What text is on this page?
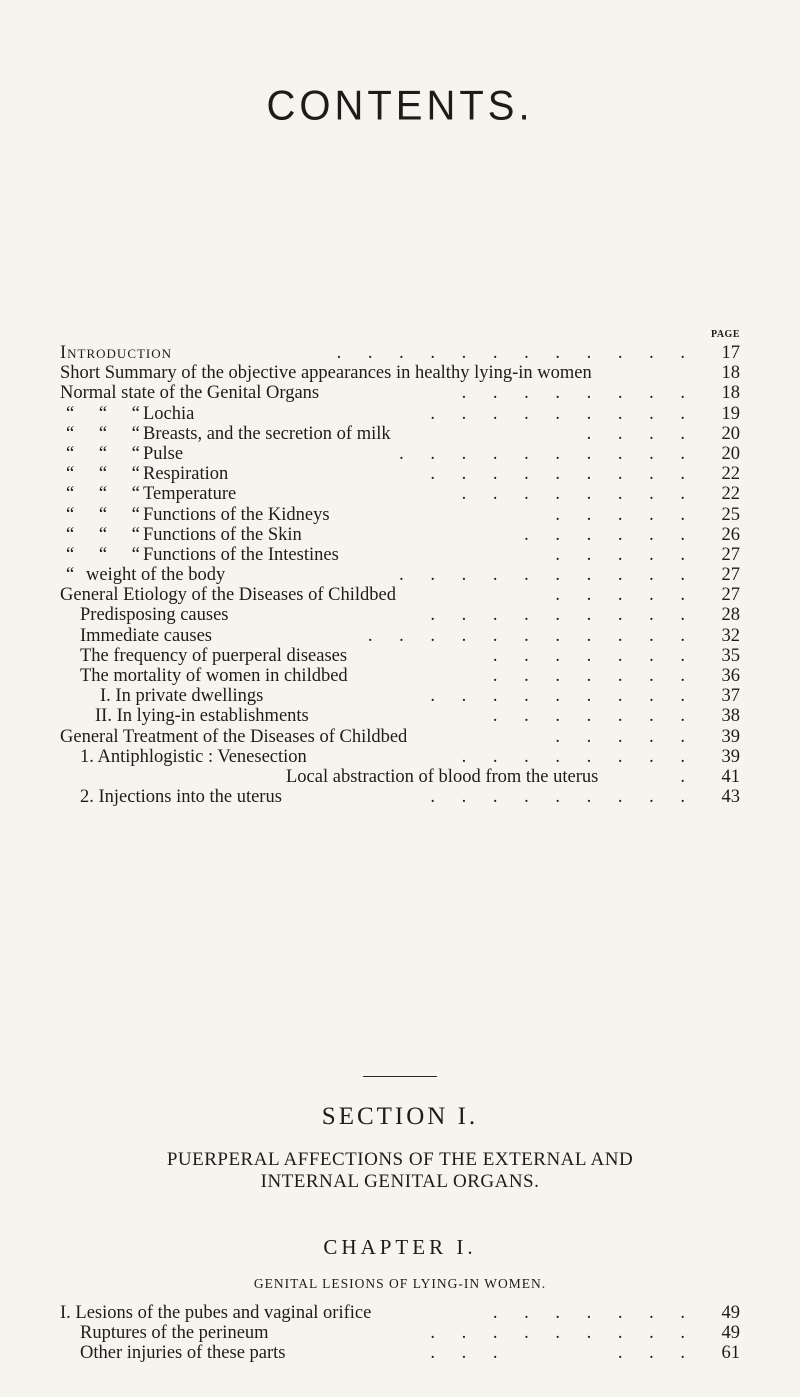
CONTENTS.
PAGE
Introduction	. . . . . . . . . . . .	17
Short Summary of the objective appearances in healthy lying-in women	18
Normal state of the Genital Organs	. . . . . . . .	18
“ “ “Lochia	. . . . . . . . .	19
“ “ “Breasts, and the secretion of milk	. . . .	20
“ “ “Pulse	. . . . . . . . . .	20
“ “ “Respiration	. . . . . . . . .	22
“ “ “Temperature	. . . . . . . .	22
“ “ “Functions of the Kidneys	. . . . .	25
“ “ “Functions of the Skin	. . . . . .	26
“ “ “Functions of the Intestines	. . . . .	27
“ weight of the body	. . . . . . . . . .	27
General Etiology of the Diseases of Childbed	. . . . .	27
Predisposing causes	. . . . . . . . .	28
Immediate causes	. . . . . . . . . . .	32
The frequency of puerperal diseases	. . . . . . .	35
The mortality of women in childbed	. . . . . . .	36
I. In private dwellings	. . . . . . . . .	37
II. In lying-in establishments	. . . . . . .	38
General Treatment of the Diseases of Childbed	. . . . .	39
1. Antiphlogistic : Venesection	. . . . . . . .	39
Local abstraction of blood from the uterus	.	41
2. Injections into the uterus	. . . . . . . . .	43
SECTION I.
PUERPERAL AFFECTIONS OF THE EXTERNAL AND
INTERNAL GENITAL ORGANS.
CHAPTER I.
GENITAL LESIONS OF LYING-IN WOMEN.
I. Lesions of the pubes and vaginal orifice	. . . . . . .	49
Ruptures of the perineum	. . . . . . . . .	49
Other injuries of these parts	. . .       . . .	61
